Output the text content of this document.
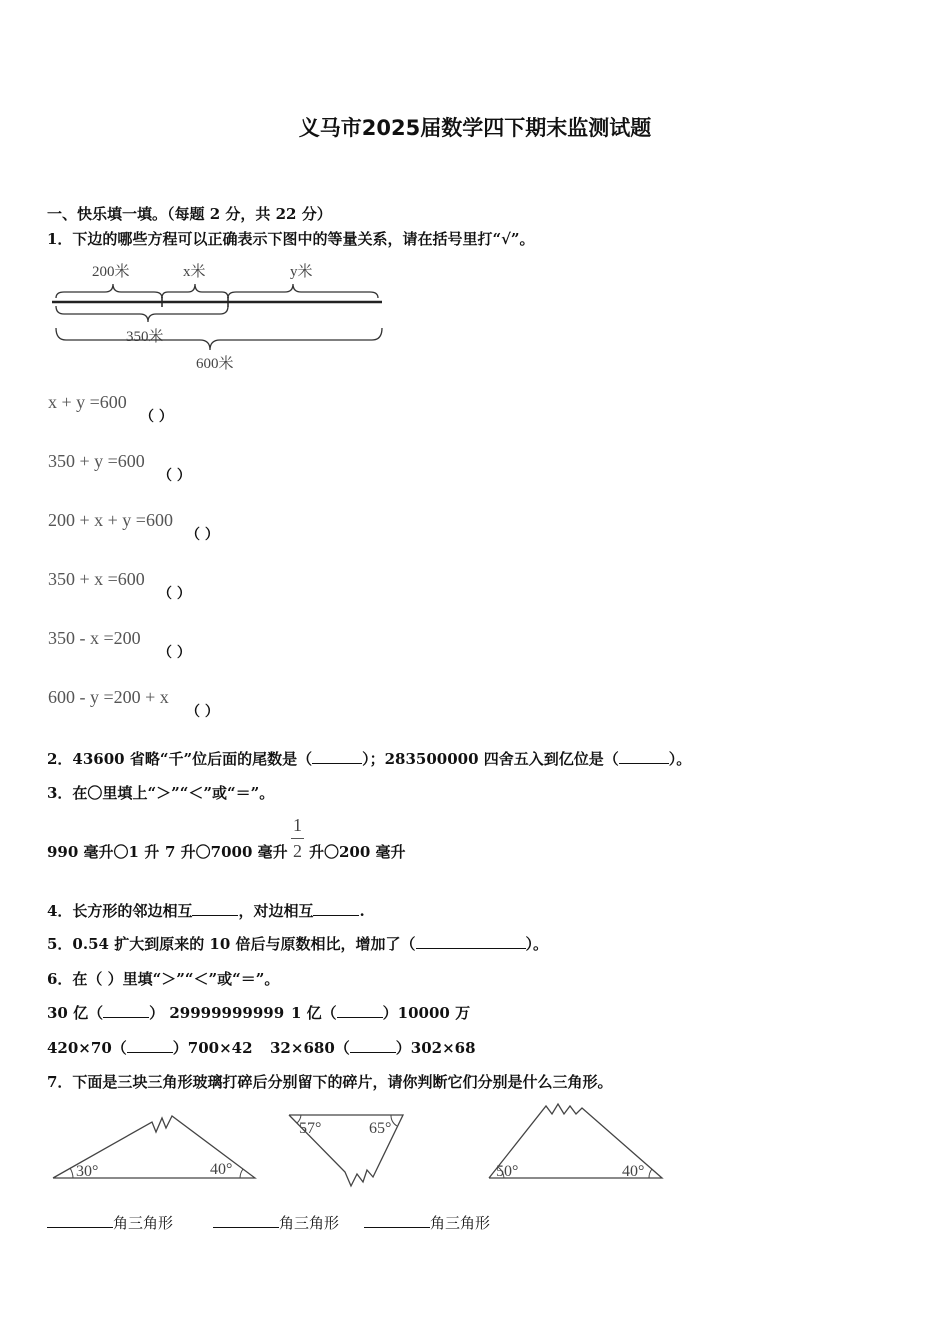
义马市2025届数学四下期末监测试题
一、快乐填一填。（每题 2 分，共 22 分）
1．下边的哪些方程可以正确表示下图中的等量关系，请在括号里打“√”。
200米	x米	y米
350米
600米
x + y =600
（ ）
350 + y =600
（ ）
200 + x + y =600
（ ）
350 + x =600
（ ）
350 - x =200
（ ）
600 - y =200 + x
（ ）
2．43600 省略“千”位后面的尾数是（	）；283500000 四舍五入到亿位是（	）。
3．在〇里填上“＞”“＜”或“＝”。
990 毫升〇1 升 7 升〇7000 毫升
1
2 升〇200 毫升
4．长方形的邻边相互	，对边相互	.
5．0.54 扩大到原来的 10 倍后与原数相比，增加了（	）。
6．在（ ）里填“＞”“＜”或“＝”。
30 亿（	） 29999999999 1 亿（	）10000 万
420×70（	）700×42 32×680（	）302×68
7．下面是三块三角形玻璃打碎后分别留下的碎片，请你判断它们分别是什么三角形。
30°	40°
57°	65°
50°	40°
角三角形	角三角形	角三角形
